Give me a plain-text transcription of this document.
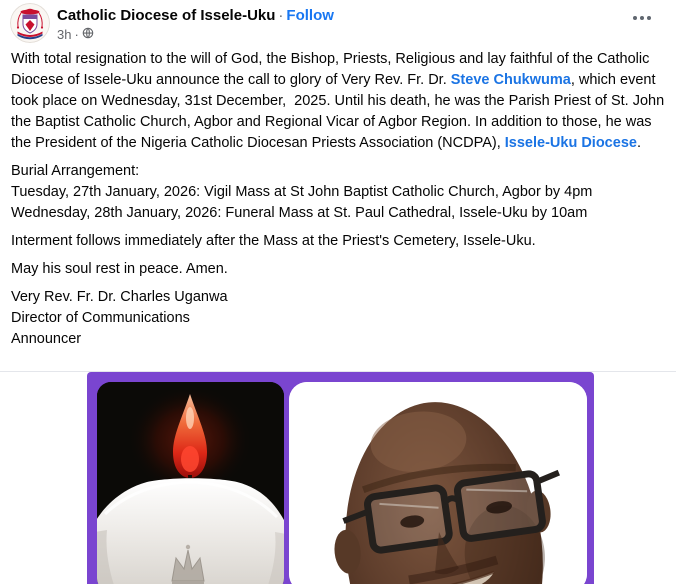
Catholic Diocese of Issele-Uku · Follow
3h ·

With total resignation to the will of God, the Bishop, Priests, Religious and lay faithful of the Catholic Diocese of Issele-Uku announce the call to glory of Very Rev. Fr. Dr. Steve Chukwuma, which event took place on Wednesday, 31st December,  2025. Until his death, he was the Parish Priest of St. John the Baptist Catholic Church, Agbor and Regional Vicar of Agbor Region. In addition to those, he was the President of the Nigeria Catholic Diocesan Priests Association (NCDPA), Issele-Uku Diocese.

Burial Arrangement:
Tuesday, 27th January, 2026: Vigil Mass at St John Baptist Catholic Church, Agbor by 4pm
Wednesday, 28th January, 2026: Funeral Mass at St. Paul Cathedral, Issele-Uku by 10am

Interment follows immediately after the Mass at the Priest's Cemetery, Issele-Uku.

May his soul rest in peace. Amen.

Very Rev. Fr. Dr. Charles Uganwa
Director of Communications
Announcer
